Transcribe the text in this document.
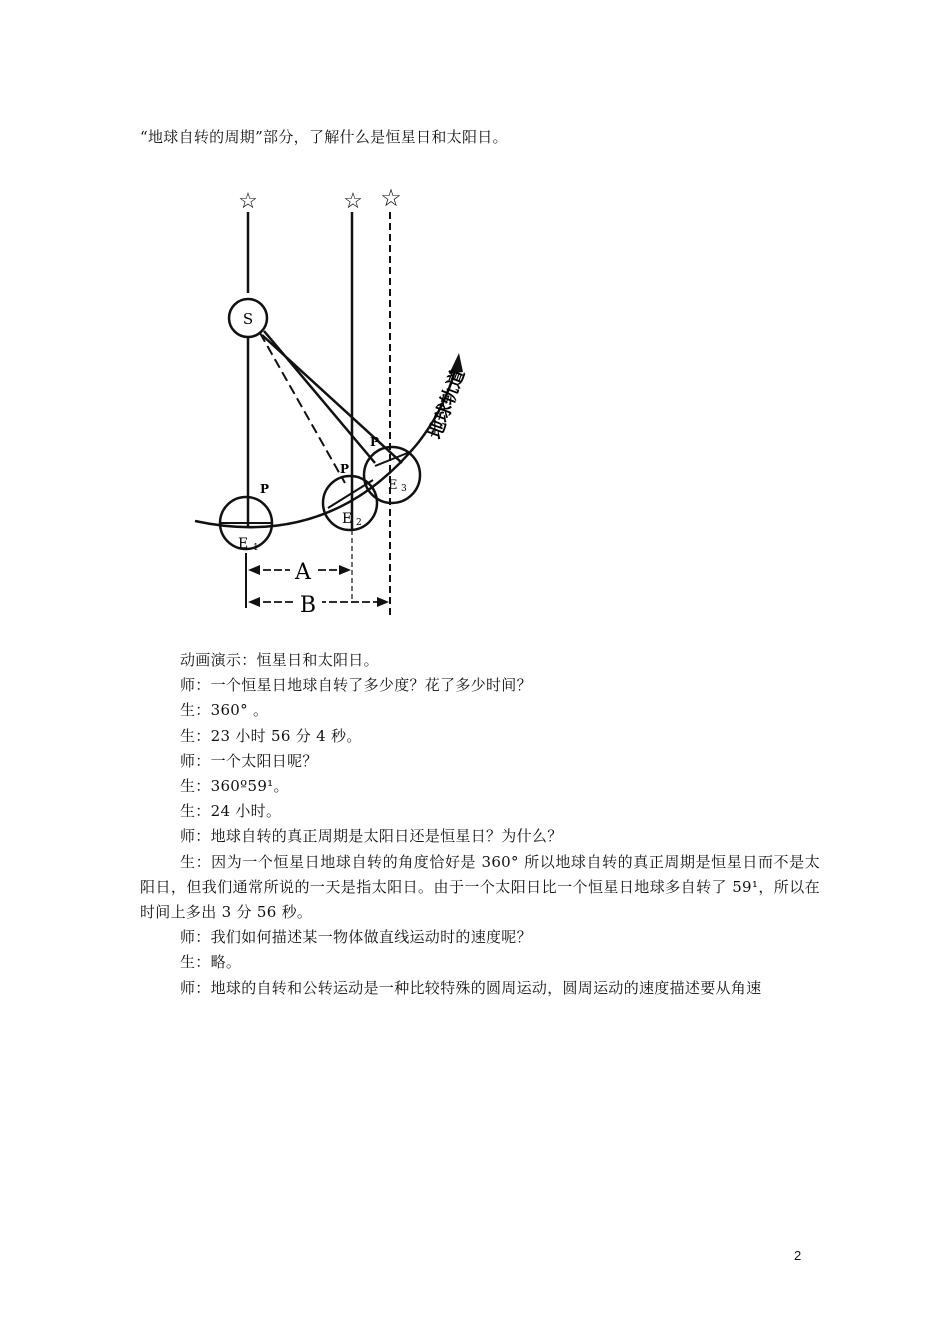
“地球自转的周期”部分，了解什么是恒星日和太阳日。
☆	☆ ☆
S
地球轨道
P
E 1
P
E 2
P
E 3
A
B

动画演示：恒星日和太阳日。

师：一个恒星日地球自转了多少度？花了多少时间？

生：360° 。

生：23 小时 56 分 4 秒。

师：一个太阳日呢？

生：360º59¹。

生：24 小时。

师：地球自转的真正周期是太阳日还是恒星日？为什么？

生：因为一个恒星日地球自转的角度恰好是 360° 所以地球自转的真正周期是恒星日而不是太阳日，但我们通常所说的一天是指太阳日。由于一个太阳日比一个恒星日地球多自转了 59¹，所以在时间上多出 3 分 56 秒。

师：我们如何描述某一物体做直线运动时的速度呢？

生：略。

师：地球的自转和公转运动是一种比较特殊的圆周运动，圆周运动的速度描述要从角速

2
